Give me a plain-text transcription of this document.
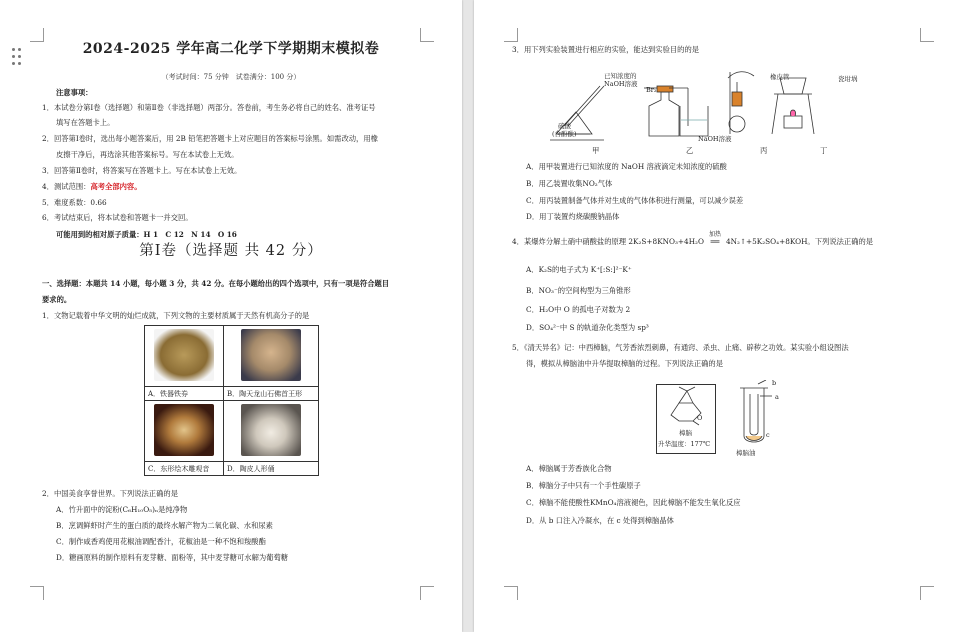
2024-2025 学年高二化学下学期期末模拟卷
（考试时间：75 分钟　试卷满分：100 分）
注意事项：
1．本试卷分第Ⅰ卷（选择题）和第Ⅱ卷（非选择题）两部分。答卷前，考生务必将自己的姓名、准考证号
填写在答题卡上。
2．回答第Ⅰ卷时，选出每小题答案后，用 2B 铅笔把答题卡上对应题目的答案标号涂黑。如需改动，用橡
皮擦干净后，再选涂其他答案标号。写在本试卷上无效。
3．回答第Ⅱ卷时，将答案写在答题卡上。写在本试卷上无效。
4．测试范围：高考全部内容。
5．难度系数：0.66
6．考试结束后，将本试卷和答题卡一并交回。
可能用到的相对原子质量：H 1　C 12　N 14　O 16
第Ⅰ卷（选择题 共 42 分）
一、选择题：本题共 14 小题，每小题 3 分，共 42 分。在每小题给出的四个选项中，只有一项是符合题目
要求的。
1．文物记载着中华文明的灿烂成就，下列文物的主要材质属于天然有机高分子的是

A．铁器铁券	B．陶天龙山石佛首王形

C．东形绘木雕观音	D．陶皮人形俑
2．中国美食享誉世界。下列说法正确的是
A．竹升面中的淀粉(C₆H₁₀O₅)ₙ是纯净物
B．烹调鲜虾时产生的蛋白质的最终水解产物为二氧化碳、水和尿素
C．制作咸香鸡使用花椒油调配香汁，花椒油是一种不饱和羧酸酯
D．糖画原料的制作原料有麦芽糖、面粉等，其中麦芽糖可水解为葡萄糖
3．用下列实验装置进行相应的实验，能达到实验目的的是
已知浓度的
NaOH溶液
Br₂
NaOH溶液
硫酸
(含酚酞)
橡皮管	瓷坩埚
甲	乙	丙	丁
A．用甲装置进行已知浓度的 NaOH 溶液滴定未知浓度的硫酸
B．用乙装置收集NO₂气体
C．用丙装置制备气体并对生成的气体体积进行测量，可以减少误差
D．用丁装置灼烧碳酸钠晶体
4．某爆炸分解土硝中硝酸盐的原理 2K₂S+8KNO₃+4H₂O
加热
══ 4N₂↑+5K₂SO₄+8KOH。下列说法正确的是
A．K₂S的电子式为 K⁺[:S:]²⁻K⁺
B．NO₃⁻的空间构型为三角锥形
C．H₂O中 O 的孤电子对数为 2
D．SO₄²⁻中 S 的轨道杂化类型为 sp³
5．《清天异名》记：中西樟脑，气芳香浓烈刺鼻，有通窍、杀虫、止痛、辟秽之功效。某实验小组设图法
得，模拟从樟脑油中升华提取樟脑的过程。下列说法正确的是
O
樟脑
升华温度：177℃
b
a
c
樟脑油
A．樟脑属于芳香族化合物
B．樟脑分子中只有一个手性碳原子
C．樟脑不能使酸性KMnO₄溶液褪色，因此樟脑不能发生氧化反应
D．从 b 口注入冷凝水，在 c 处得到樟脑晶体
